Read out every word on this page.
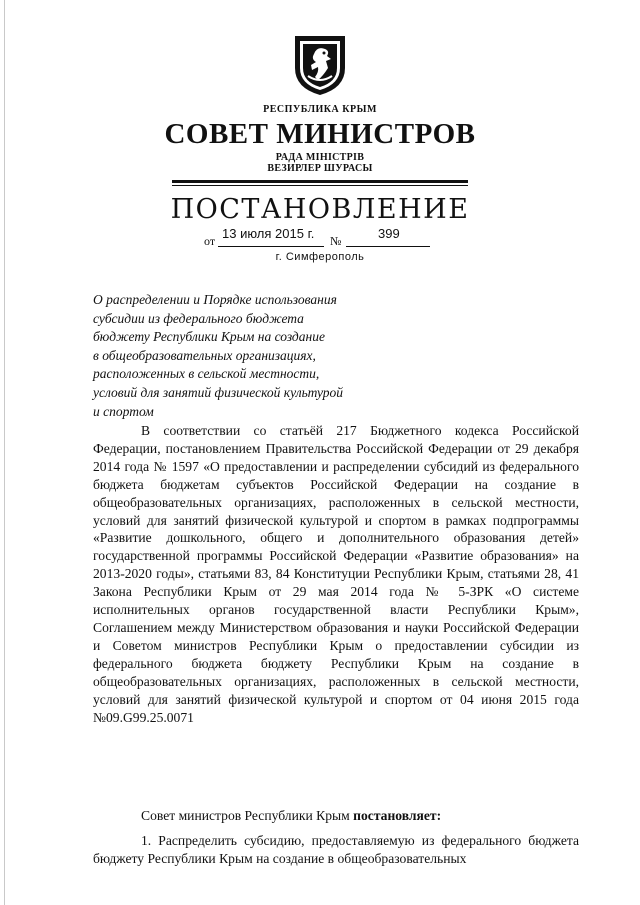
РЕСПУБЛИКА КРЫМ
СОВЕТ МИНИСТРОВ
РАДА МІНІСТРІВ
ВЕЗИРЛЕР ШУРАСЫ
ПОСТАНОВЛЕНИЕ
13 июля 2015 г.	399
от	№
г. Симферополь
О распределении и Порядке использования
субсидии из федерального бюджета
бюджету Республики Крым на создание
в общеобразовательных организациях,
расположенных в сельской местности,
условий для занятий физической культурой
и спортом
В соответствии со статьёй 217 Бюджетного кодекса Российской Федерации, постановлением Правительства Российской Федерации от 29 декабря 2014 года № 1597 «О предоставлении и распределении субсидий из федерального бюджета бюджетам субъектов Российской Федерации на создание в общеобразовательных организациях, расположенных в сельской местности, условий для занятий физической культурой и спортом в рамках подпрограммы «Развитие дошкольного, общего и дополнительного образования детей» государственной программы Российской Федерации «Развитие образования» на 2013-2020 годы», статьями 83, 84 Конституции Республики Крым, статьями 28, 41 Закона Республики Крым от 29 мая 2014 года № 5-ЗРК «О системе исполнительных органов государственной власти Республики Крым», Соглашением между Министерством образования и науки Российской Федерации и Советом министров Республики Крым о предоставлении субсидии из федерального бюджета бюджету Республики Крым на создание в общеобразовательных организациях, расположенных в сельской местности, условий для занятий физической культурой и спортом от 04 июня 2015 года №09.G99.25.0071
Совет министров Республики Крым постановляет:
1. Распределить субсидию, предоставляемую из федерального бюджета бюджету Республики Крым на создание в общеобразовательных
